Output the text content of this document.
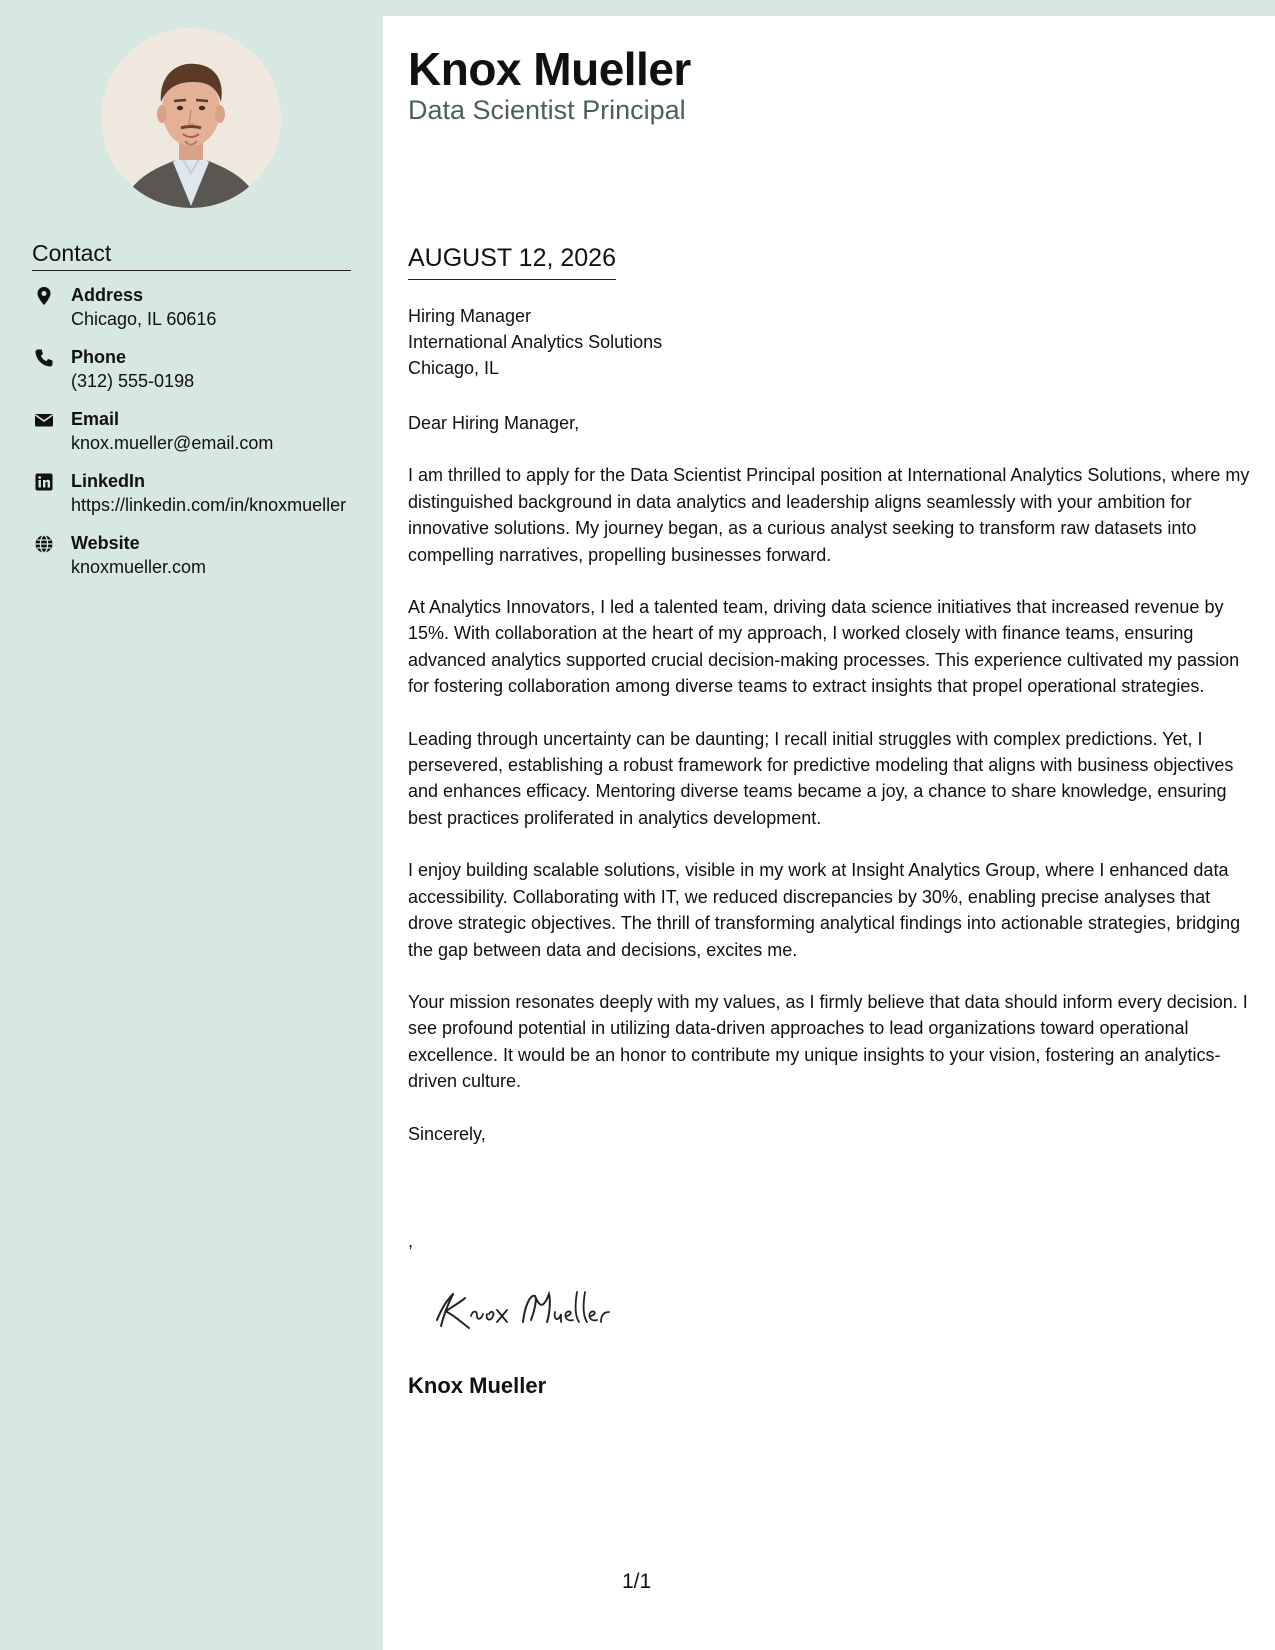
Contact
Address
Chicago, IL 60616
Phone
(312) 555-0198
Email
knox.mueller@email.com
LinkedIn
https://linkedin.com/in/knoxmueller
Website
knoxmueller.com
Knox Mueller
Data Scientist Principal
AUGUST 12, 2026
Hiring Manager
International Analytics Solutions
Chicago, IL

Dear Hiring Manager,

I am thrilled to apply for the Data Scientist Principal position at International Analytics Solutions, where my distinguished background in data analytics and leadership aligns seamlessly with your ambition for innovative solutions. My journey began, as a curious analyst seeking to transform raw datasets into compelling narratives, propelling businesses forward.

At Analytics Innovators, I led a talented team, driving data science initiatives that increased revenue by 15%. With collaboration at the heart of my approach, I worked closely with finance teams, ensuring advanced analytics supported crucial decision-making processes. This experience cultivated my passion for fostering collaboration among diverse teams to extract insights that propel operational strategies.

Leading through uncertainty can be daunting; I recall initial struggles with complex predictions. Yet, I persevered, establishing a robust framework for predictive modeling that aligns with business objectives and enhances efficacy. Mentoring diverse teams became a joy, a chance to share knowledge, ensuring best practices proliferated in analytics development.

I enjoy building scalable solutions, visible in my work at Insight Analytics Group, where I enhanced data accessibility. Collaborating with IT, we reduced discrepancies by 30%, enabling precise analyses that drove strategic objectives. The thrill of transforming analytical findings into actionable strategies, bridging the gap between data and decisions, excites me.

Your mission resonates deeply with my values, as I firmly believe that data should inform every decision. I see profound potential in utilizing data-driven approaches to lead organizations toward operational excellence. It would be an honor to contribute my unique insights to your vision, fostering an analytics-driven culture.

Sincerely,

,
Knox Mueller
1/1
